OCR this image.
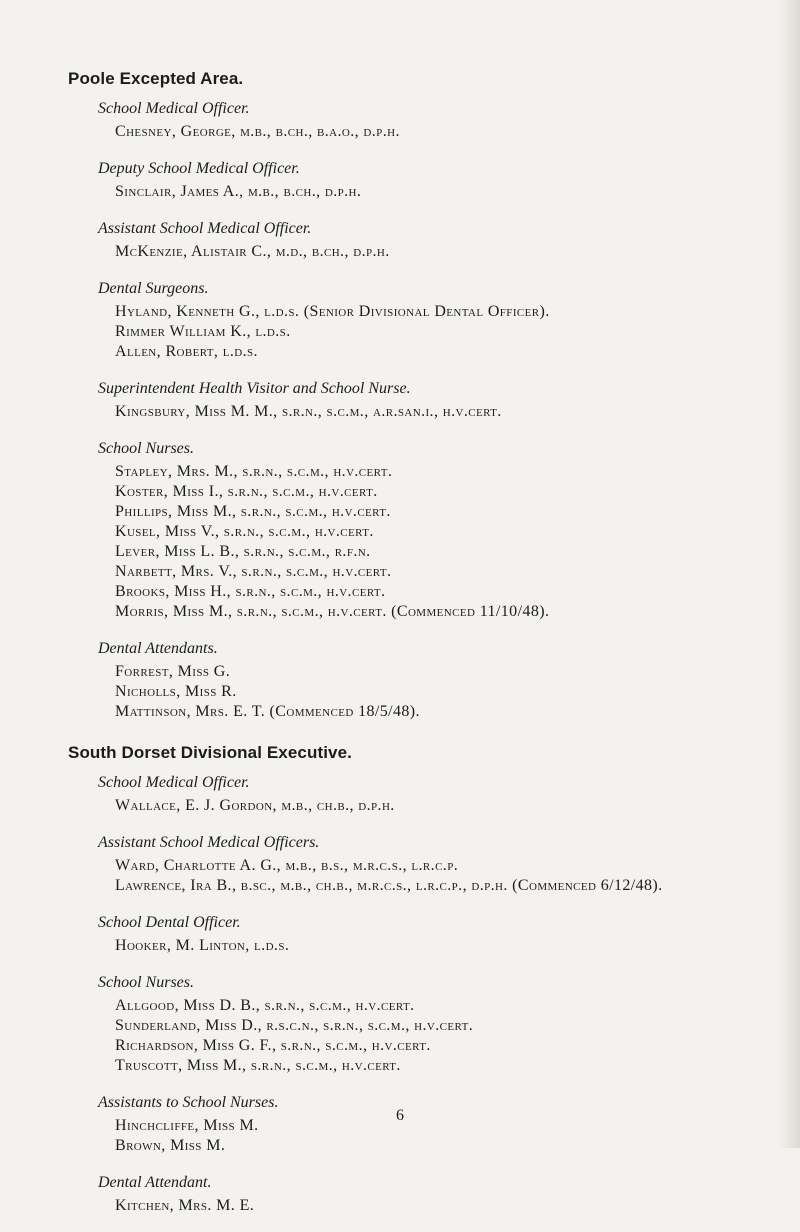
Poole Excepted Area.
School Medical Officer.
Chesney, George, m.b., b.ch., b.a.o., d.p.h.
Deputy School Medical Officer.
Sinclair, James A., m.b., b.ch., d.p.h.
Assistant School Medical Officer.
McKenzie, Alistair C., m.d., b.ch., d.p.h.
Dental Surgeons.
Hyland, Kenneth G., l.d.s. (Senior Divisional Dental Officer).
Rimmer William K., l.d.s.
Allen, Robert, l.d.s.
Superintendent Health Visitor and School Nurse.
Kingsbury, Miss M. M., s.r.n., s.c.m., a.r.san.i., h.v.cert.
School Nurses.
Stapley, Mrs. M., s.r.n., s.c.m., h.v.cert.
Koster, Miss I., s.r.n., s.c.m., h.v.cert.
Phillips, Miss M., s.r.n., s.c.m., h.v.cert.
Kusel, Miss V., s.r.n., s.c.m., h.v.cert.
Lever, Miss L. B., s.r.n., s.c.m., r.f.n.
Narbett, Mrs. V., s.r.n., s.c.m., h.v.cert.
Brooks, Miss H., s.r.n., s.c.m., h.v.cert.
Morris, Miss M., s.r.n., s.c.m., h.v.cert. (Commenced 11/10/48).
Dental Attendants.
Forrest, Miss G.
Nicholls, Miss R.
Mattinson, Mrs. E. T. (Commenced 18/5/48).
South Dorset Divisional Executive.
School Medical Officer.
Wallace, E. J. Gordon, m.b., ch.b., d.p.h.
Assistant School Medical Officers.
Ward, Charlotte A. G., m.b., b.s., m.r.c.s., l.r.c.p.
Lawrence, Ira B., b.sc., m.b., ch.b., m.r.c.s., l.r.c.p., d.p.h. (Commenced 6/12/48).
School Dental Officer.
Hooker, M. Linton, l.d.s.
School Nurses.
Allgood, Miss D. B., s.r.n., s.c.m., h.v.cert.
Sunderland, Miss D., r.s.c.n., s.r.n., s.c.m., h.v.cert.
Richardson, Miss G. F., s.r.n., s.c.m., h.v.cert.
Truscott, Miss M., s.r.n., s.c.m., h.v.cert.
Assistants to School Nurses.
Hinchcliffe, Miss M.
Brown, Miss M.
Dental Attendant.
Kitchen, Mrs. M. E.
6
